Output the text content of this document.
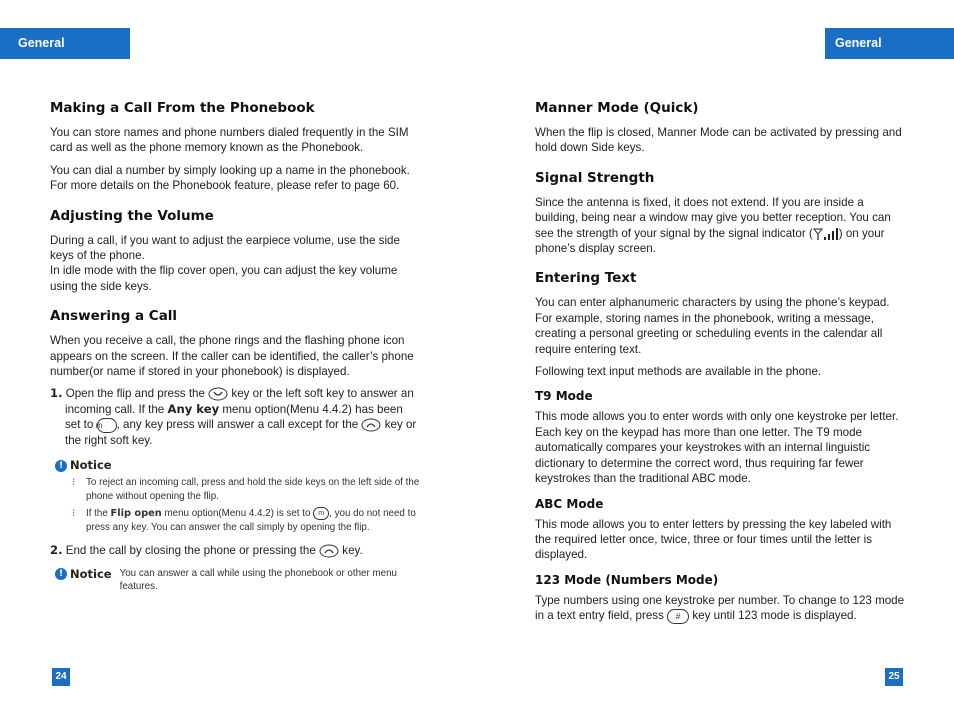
General Functions
General Functions
Making a Call From the Phonebook

You can store names and phone numbers dialed frequently in the SIM card as well as the phone memory known as the Phonebook.

You can dial a number by simply looking up a name in the phonebook. For more details on the Phonebook feature, please refer to page 60.

Adjusting the Volume

During a call, if you want to adjust the earpiece volume, use the side keys of the phone.

In idle mode with the flip cover open, you can adjust the key volume using the side keys.

Answering a Call

When you receive a call, the phone rings and the flashing phone icon appears on the screen. If the caller can be identified, the caller’s phone number(or name if stored in your phonebook) is displayed.

1. Open the flip and press the key or the left soft key to answer an incoming call. If the Any key menu option(Menu 4.4.2) has been set to m , any key press will answer a call except for the key or the right soft key.
! Notice
⁝ To reject an incoming call, press and hold the side keys on the left side of the phone without opening the flip.
⁝ If the Flip open menu option(Menu 4.4.2) is set to m , you do not need to press any key. You can answer the call simply by opening the flip.
2. End the call by closing the phone or pressing the key.
! Notice You can answer a call while using the phonebook or other menu features.
Manner Mode (Quick)

When the flip is closed, Manner Mode can be activated by pressing and hold down Side keys.

Signal Strength

Since the antenna is fixed, it does not extend. If you are inside a building, being near a window may give you better reception. You can see the strength of your signal by the signal indicator ( ) on your phone’s display screen.

Entering Text

You can enter alphanumeric characters by using the phone’s keypad. For example, storing names in the phonebook, writing a message, creating a personal greeting or scheduling events in the calendar all require entering text.

Following text input methods are available in the phone.

T9 Mode

This mode allows you to enter words with only one keystroke per letter. Each key on the keypad has more than one letter. The T9 mode automatically compares your keystrokes with an internal linguistic dictionary to determine the correct word, thus requiring far fewer keystrokes than the traditional ABC mode.

ABC Mode

This mode allows you to enter letters by pressing the key labeled with the required letter once, twice, three or four times until the letter is displayed.

123 Mode (Numbers Mode)

Type numbers using one keystroke per number. To change to 123 mode in a text entry field, press # key until 123 mode is displayed.

24	25
